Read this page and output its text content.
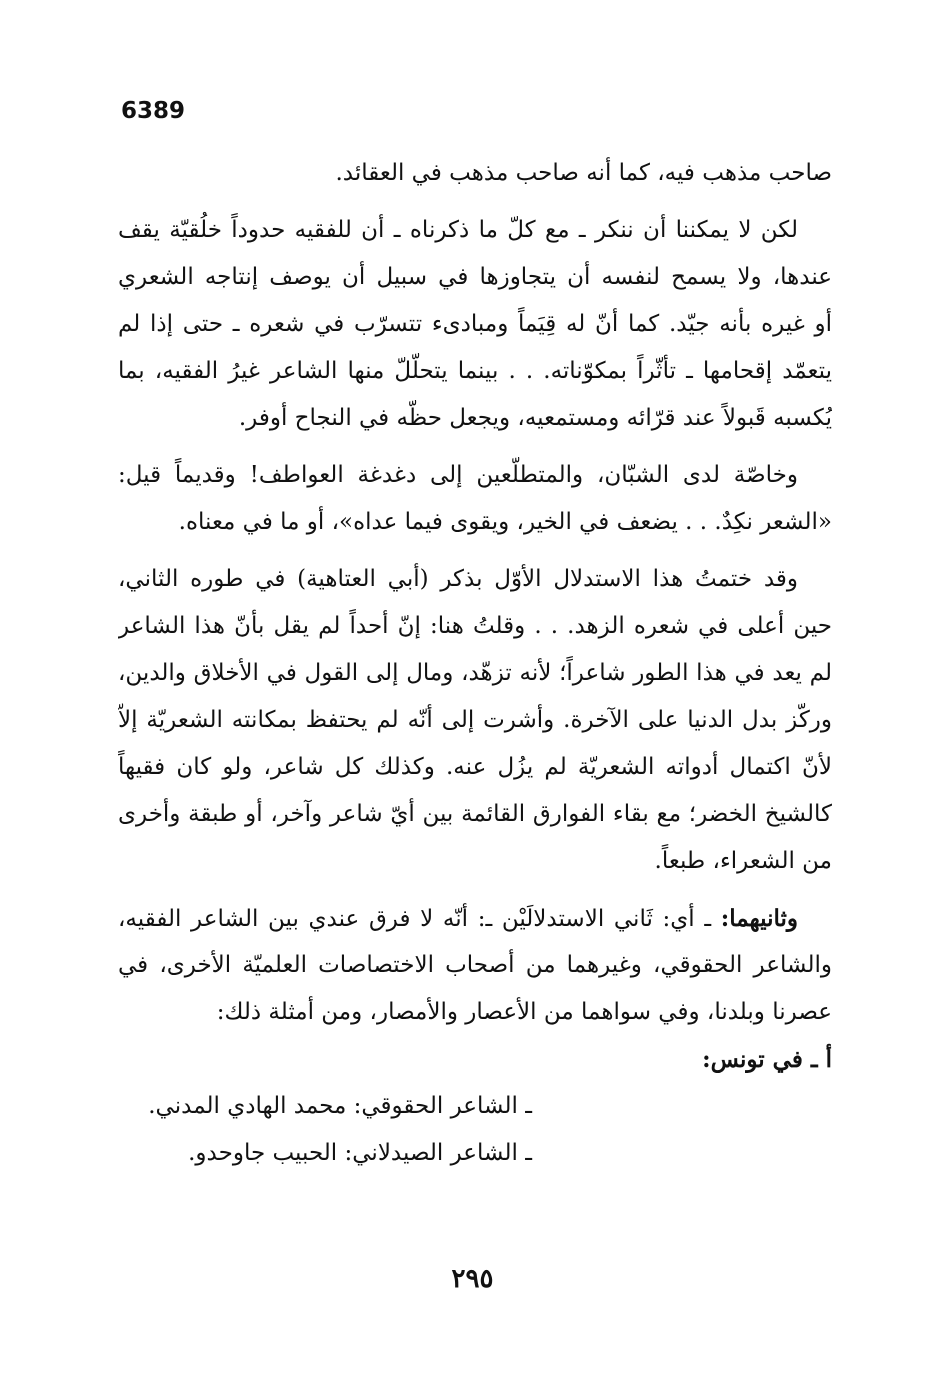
6389
صاحب مذهب فيه، كما أنه صاحب مذهب في العقائد.
لكن لا يمكننا أن ننكر ـ مع كلّ ما ذكرناه ـ أن للفقيه حدوداً خلُقيّة يقف
عندها، ولا يسمح لنفسه أن يتجاوزها في سبيل أن يوصف إنتاجه الشعري
أو غيره بأنه جيّد. كما أنّ له قِيَماً ومبادىء تتسرّب في شعره ـ حتى إذا لم
يتعمّد إقحامها ـ تأثّراً بمكوّناته. . . بينما يتحلّلّ منها الشاعر غيرُ الفقيه، بما
يُكسبه قَبولاً عند قرّائه ومستمعيه، ويجعل حظّه في النجاح أوفر.
وخاصّة لدى الشبّان، والمتطلّعين إلى دغدغة العواطف! وقديماً قيل:
«الشعر نكِدٌ. . . يضعف في الخير، ويقوى فيما عداه»، أو ما في معناه.
وقد ختمتُ هذا الاستدلال الأوّل بذكر (أبي العتاهية) في طوره الثاني،
حين أعلى في شعره الزهد. . . وقلتُ هنا: إنّ أحداً لم يقل بأنّ هذا الشاعر
لم يعد في هذا الطور شاعراً؛ لأنه تزهّد، ومال إلى القول في الأخلاق والدين،
وركّز بدل الدنيا على الآخرة. وأشرت إلى أنّه لم يحتفظ بمكانته الشعريّة إلاّ
لأنّ اكتمال أدواته الشعريّة لم يزُل عنه. وكذلك كل شاعر، ولو كان فقيهاً
كالشيخ الخضر؛ مع بقاء الفوارق القائمة بين أيّ شاعر وآخر، أو طبقة وأخرى
من الشعراء، طبعاً.
وثانيهما: ـ أي: ثَاني الاستدلالَيْن ـ: أنّه لا فرق عندي بين الشاعر الفقيه،
والشاعر الحقوقي، وغيرهما من أصحاب الاختصاصات العلميّة الأخرى، في
عصرنا وبلدنا، وفي سواهما من الأعصار والأمصار، ومن أمثلة ذلك:
أ ـ في تونس:
ـ الشاعر الحقوقي: محمد الهادي المدني.
ـ الشاعر الصيدلاني: الحبيب جاوحدو.
٢٩٥
